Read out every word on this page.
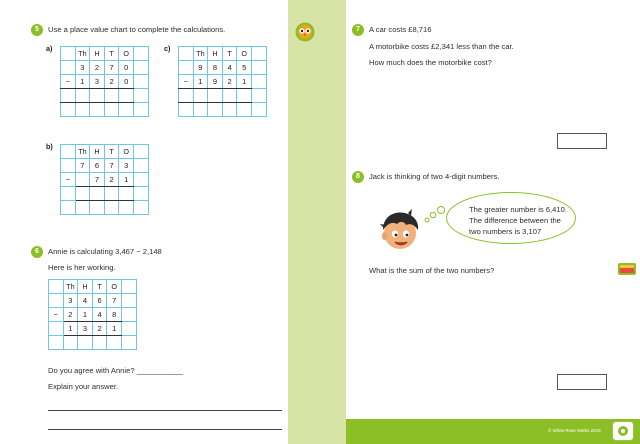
© White Rose Maths 2019
5	Use a place value chart to complete the calculations.
a)
	Th	H	T	O	
	3	2	7	0	
−	1	3	2	0	

c)
	Th	H	T	O	
	9	8	4	5	
−	1	9	2	1	

b)
	Th	H	T	O	
	7	6	7	3	
−		7	2	1	

6	Annie is calculating 3,467 − 2,148
Here is her working.
	Th	H	T	O	
	3	4	6	7	
−	2	1	4	8	
	1	3	2	1	

Do you agree with Annie? ___________
Explain your answer.
7	A car costs £8,716
A motorbike costs £2,341 less than the car.
How much does the motorbike cost?
8	Jack is thinking of two 4-digit numbers.
The greater number is 6,410.
The difference between the
two numbers is 3,107
What is the sum of the two numbers?
